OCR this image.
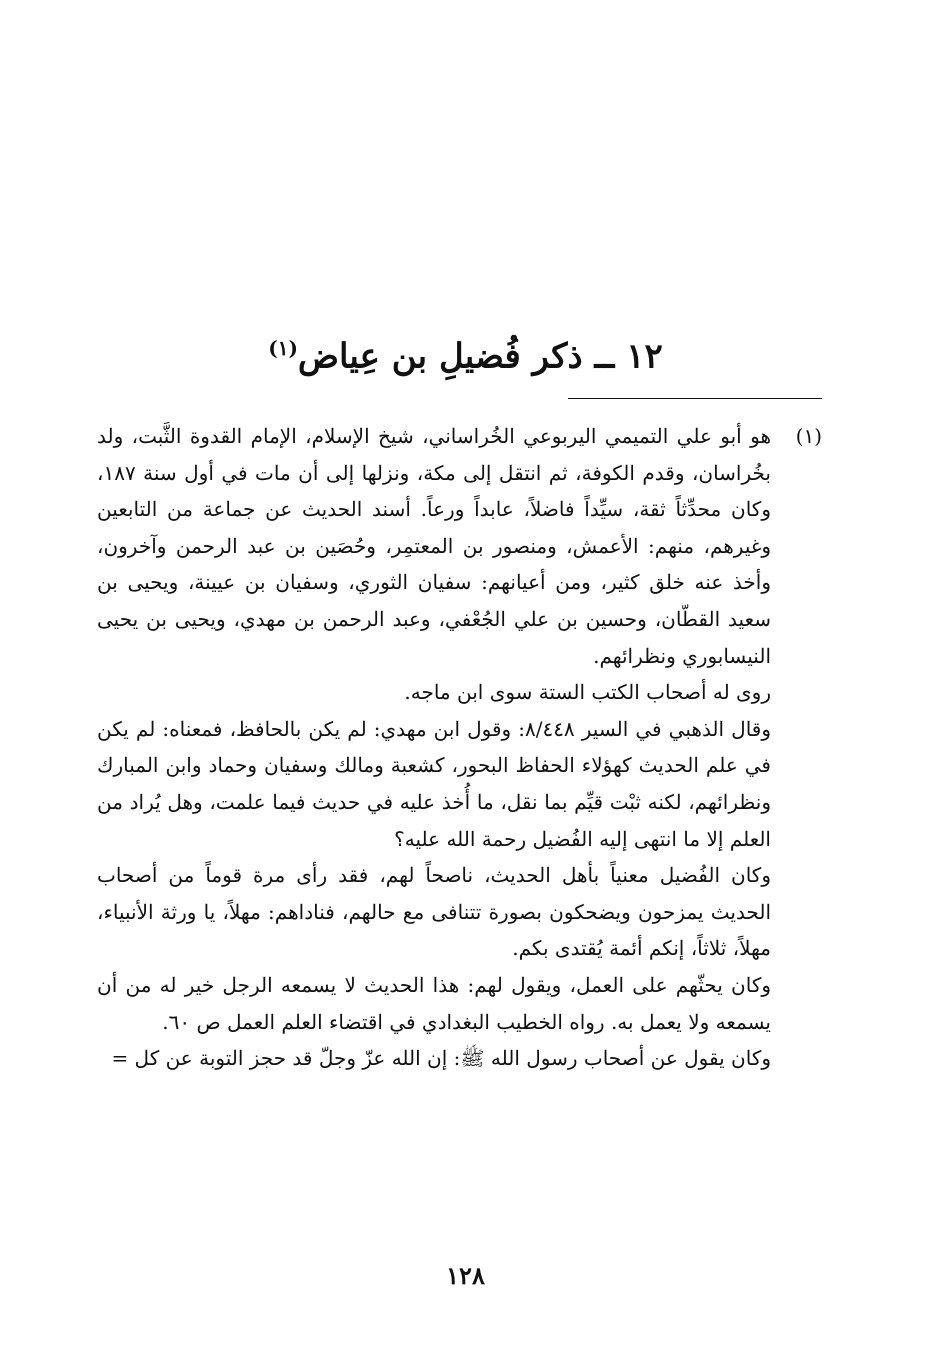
١٢ ــ ذكر فُضيلِ بن عِياض$^{(١)}$
(١)

هو أبو علي التميمي اليربوعي الخُراساني، شيخ الإسلام، الإمام القدوة الثَّبت، ولد بخُراسان، وقدم الكوفة، ثم انتقل إلى مكة، ونزلها إلى أن مات في أول سنة ١٨٧، وكان محدِّثاً ثقة، سيِّداً فاضلاً، عابداً ورعاً. أسند الحديث عن جماعة من التابعين وغيرهم، منهم: الأعمش، ومنصور بن المعتمِر، وحُصَين بن عبد الرحمن وآخرون، وأخذ عنه خلق كثير، ومن أعيانهم: سفيان الثوري، وسفيان بن عيينة، ويحيى بن سعيد القطّان، وحسين بن علي الجُعْفي، وعبد الرحمن بن مهدي، ويحيى بن يحيى النيسابوري ونظرائهم.

روى له أصحاب الكتب الستة سوى ابن ماجه.

وقال الذهبي في السير ٨/٤٤٨: وقول ابن مهدي: لم يكن بالحافظ، فمعناه: لم يكن في علم الحديث كهؤلاء الحفاظ البحور، كشعبة ومالك وسفيان وحماد وابن المبارك ونظرائهم، لكنه ثبْت قيِّم بما نقل، ما أُخذ عليه في حديث فيما علمت، وهل يُراد من العلم إلا ما انتهى إليه الفُضيل رحمة الله عليه؟

وكان الفُضيل معنياً بأهل الحديث، ناصحاً لهم، فقد رأى مرة قوماً من أصحاب الحديث يمزحون ويضحكون بصورة تتنافى مع حالهم، فناداهم: مهلاً، يا ورثة الأنبياء، مهلاً، ثلاثاً، إنكم أئمة يُقتدى بكم.

وكان يحثّهم على العمل، ويقول لهم: هذا الحديث لا يسمعه الرجل خير له من أن يسمعه ولا يعمل به. رواه الخطيب البغدادي في اقتضاء العلم العمل ص ٦٠.

وكان يقول عن أصحاب رسول الله ﷺ: إن الله عزّ وجلّ قد حجز التوبة عن كل =

١٢٨
